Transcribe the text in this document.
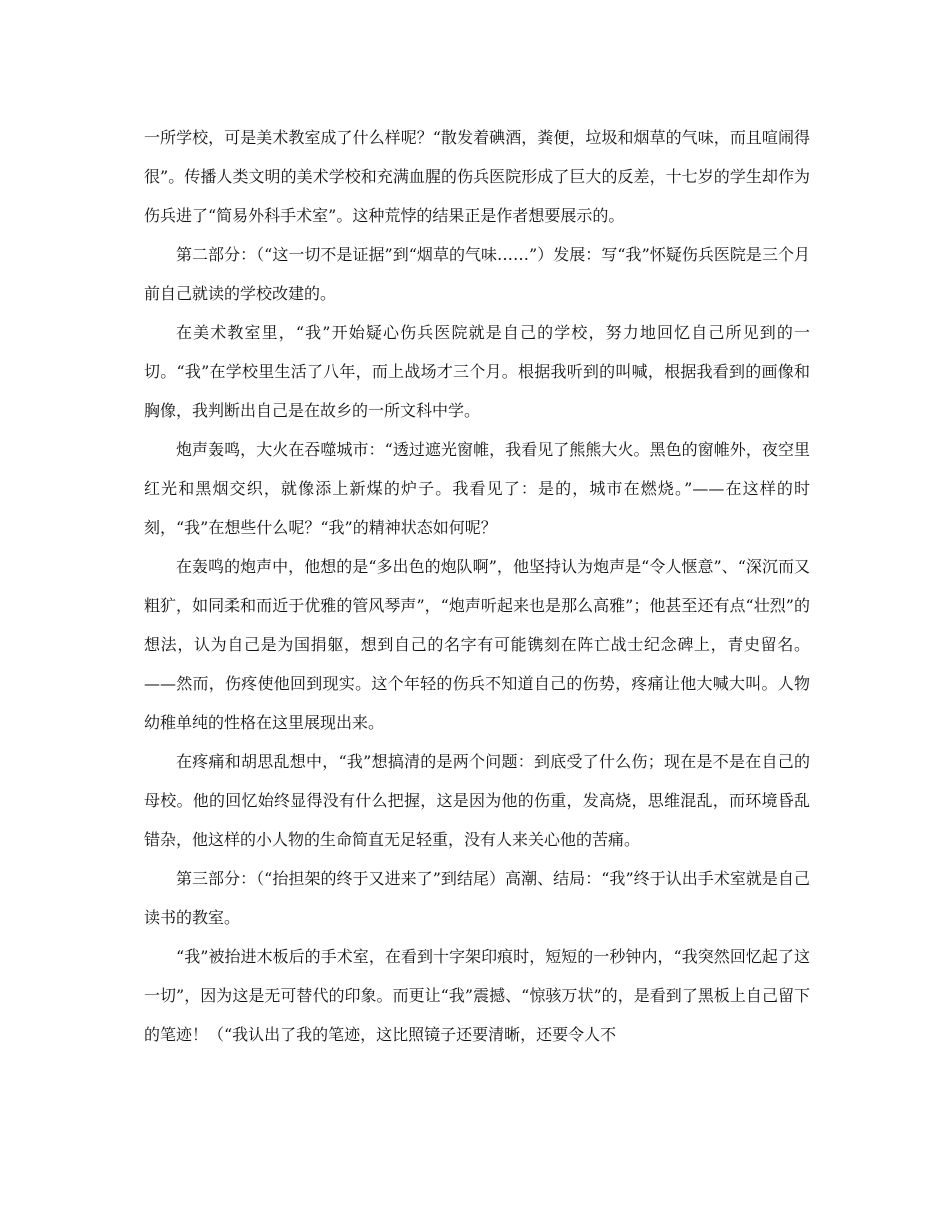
一所学校，可是美术教室成了什么样呢？“散发着碘酒，粪便，垃圾和烟草的气味，而且喧闹得很”。传播人类文明的美术学校和充满血腥的伤兵医院形成了巨大的反差，十七岁的学生却作为伤兵进了“简易外科手术室”。这种荒悖的结果正是作者想要展示的。

第二部分：（“这一切不是证据”到“烟草的气味……”）发展：写“我”怀疑伤兵医院是三个月前自己就读的学校改建的。

在美术教室里，“我”开始疑心伤兵医院就是自己的学校，努力地回忆自己所见到的一切。“我”在学校里生活了八年，而上战场才三个月。根据我听到的叫喊，根据我看到的画像和胸像，我判断出自己是在故乡的一所文科中学。

炮声轰鸣，大火在吞噬城市：“透过遮光窗帷，我看见了熊熊大火。黑色的窗帷外，夜空里红光和黑烟交织，就像添上新煤的炉子。我看见了：是的，城市在燃烧。”——在这样的时刻，“我”在想些什么呢？“我”的精神状态如何呢？

在轰鸣的炮声中，他想的是“多出色的炮队啊”，他坚持认为炮声是“令人惬意”、“深沉而又粗犷，如同柔和而近于优雅的管风琴声”，“炮声听起来也是那么高雅”；他甚至还有点“壮烈”的想法，认为自己是为国捐躯，想到自己的名字有可能镌刻在阵亡战士纪念碑上，青史留名。——然而，伤疼使他回到现实。这个年轻的伤兵不知道自己的伤势，疼痛让他大喊大叫。人物幼稚单纯的性格在这里展现出来。

在疼痛和胡思乱想中，“我”想搞清的是两个问题：到底受了什么伤；现在是不是在自己的母校。他的回忆始终显得没有什么把握，这是因为他的伤重，发高烧，思维混乱，而环境昏乱错杂，他这样的小人物的生命简直无足轻重，没有人来关心他的苦痛。

第三部分：（“抬担架的终于又进来了”到结尾）高潮、结局：“我”终于认出手术室就是自己读书的教室。

“我”被抬进木板后的手术室，在看到十字架印痕时，短短的一秒钟内，“我突然回忆起了这一切”，因为这是无可替代的印象。而更让“我”震撼、“惊骇万状”的，是看到了黑板上自己留下的笔迹！（“我认出了我的笔迹，这比照镜子还要清晰，还要令人不
